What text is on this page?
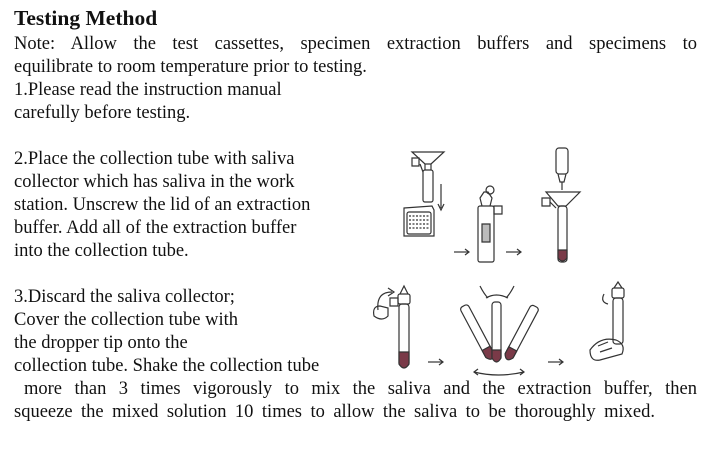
Testing Method
Note: Allow the test cassettes, specimen extraction buffers and specimens to
equilibrate to room temperature prior to testing.
1.Please read the instruction manual
carefully before testing.
2.Place the collection tube with saliva
collector which has saliva in the work
station. Unscrew the lid of an extraction
buffer. Add all of the extraction buffer
into the collection tube.
3.Discard the saliva collector;
Cover the collection tube with
the dropper tip onto the
collection tube. Shake the collection tube
more than 3 times vigorously to mix the saliva and the extraction buffer, then
squeeze the mixed solution 10 times to allow the saliva to be thoroughly mixed.
